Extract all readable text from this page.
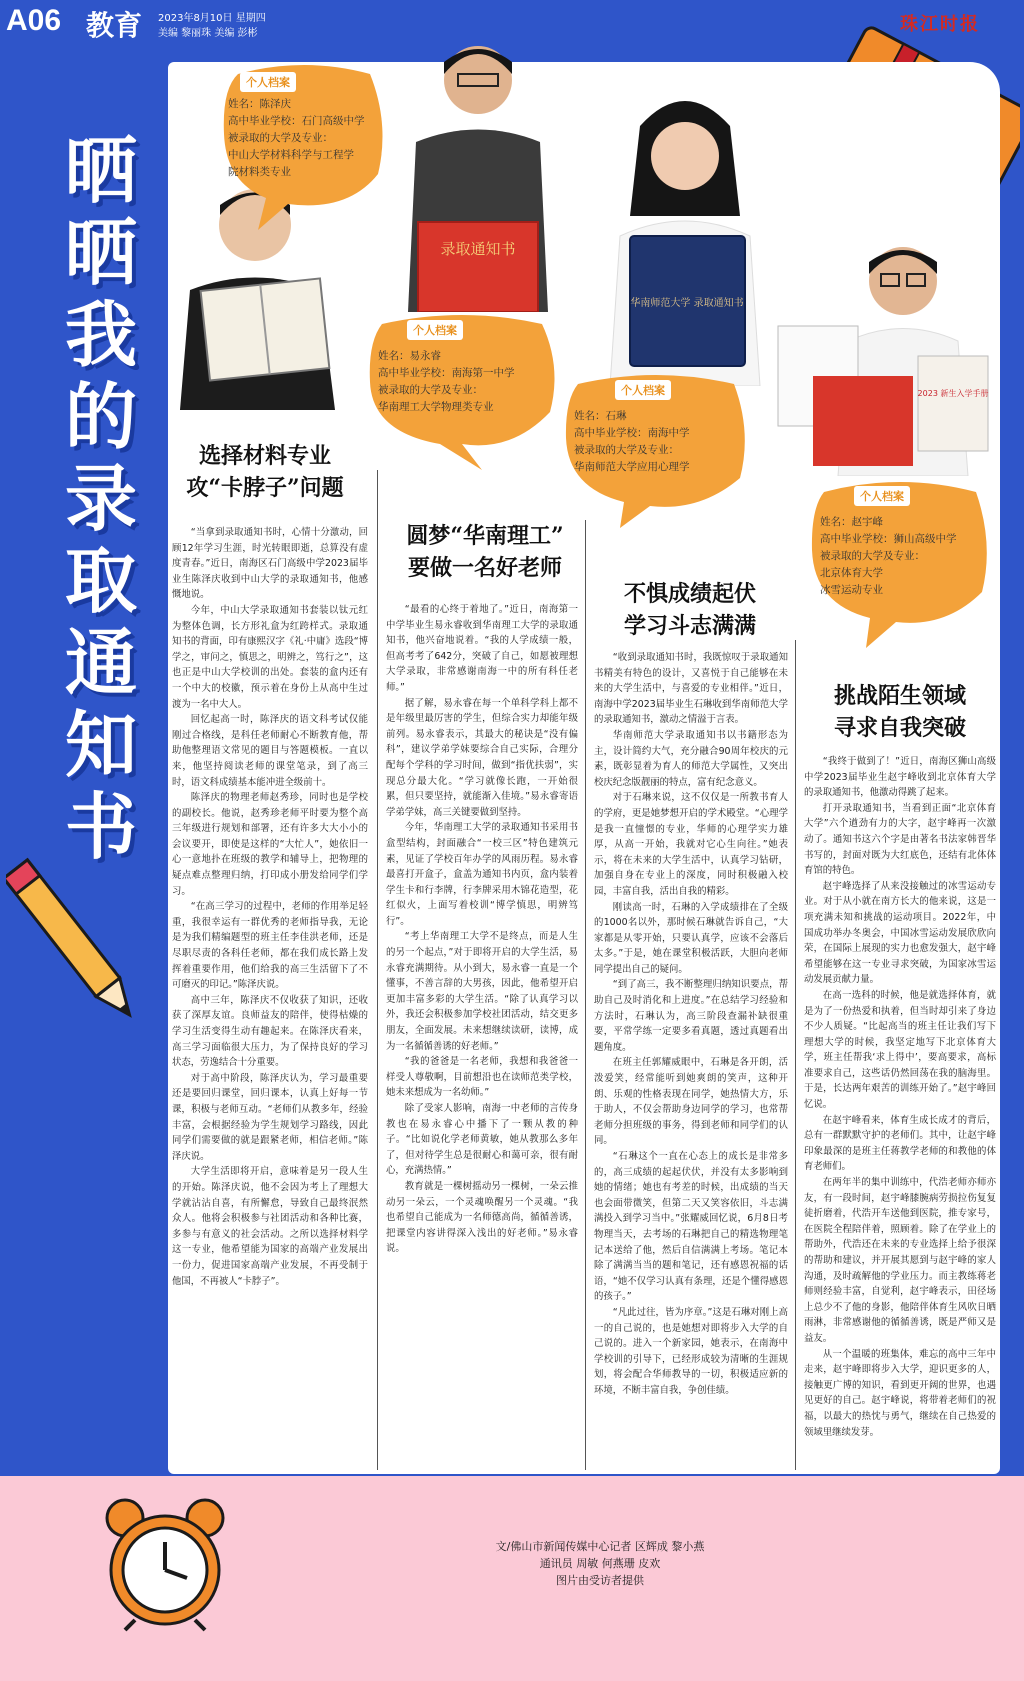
A06 教育 2023年8月10日 星期四
美编 黎丽珠 美编 彭彬	珠江时报
晒
晒
我
的
录
取
通
知
书
个人档案
姓名：陈泽庆
高中毕业学校：石门高级中学
被录取的大学及专业：
中山大学材料科学与工程学
院材料类专业
录取通知书
个人档案
姓名：易永睿
高中毕业学校：南海第一中学
被录取的大学及专业：
华南理工大学物理类专业
华南师范大学 录取通知书
个人档案
姓名：石琳
高中毕业学校：南海中学
被录取的大学及专业：
华南师范大学应用心理学
2023 新生入学手册
个人档案
姓名：赵宇峰
高中毕业学校：狮山高级中学
被录取的大学及专业：
北京体育大学
冰雪运动专业
选择材料专业
攻“卡脖子”问题
圆梦“华南理工”
要做一名好老师
不惧成绩起伏
学习斗志满满
挑战陌生领域
寻求自我突破

“当拿到录取通知书时，心情十分激动，回顾12年学习生涯，时光转眼即逝，总算没有虚度青春。”近日，南海区石门高级中学2023届毕业生陈泽庆收到中山大学的录取通知书，他感慨地说。

今年，中山大学录取通知书套装以钛元红为整体色调，长方形礼盒为红跨样式。录取通知书的背面，印有康熙汉字《礼·中庸》选段“博学之，审问之，慎思之，明辨之，笃行之”，这也正是中山大学校训的出处。套装的盒内还有一个中大的校徽，预示着在身份上从高中生过渡为一名中大人。

回忆起高一时，陈泽庆的语文科考试仅能刚过合格线，是科任老师耐心不断教育他，帮助他整理语文常见的题目与答题模板。一直以来，他坚持阅读老师的课堂笔录，到了高三时，语文科成绩基本能冲进全级前十。

陈泽庆的物理老师赵秀珍，同时也是学校的副校长。他说，赵秀珍老师平时要为整个高三年级进行规划和部署，还有许多大大小小的会议要开，即使是这样的“大忙人”，她依旧一心一意地扑在班级的教学和辅导上，把物理的疑点难点整理归纳，打印成小册发给同学们学习。

“在高三学习的过程中，老师的作用举足轻重，我很幸运有一群优秀的老师指导我，无论是为我们精编题型的班主任李佳洪老师，还是尽职尽责的各科任老师，都在我们成长路上发挥着重要作用，他们给我的高三生活留下了不可磨灭的印记。”陈泽庆说。

高中三年，陈泽庆不仅收获了知识，还收获了深厚友谊。良师益友的陪伴，使得枯燥的学习生活变得生动有趣起来。在陈泽庆看来，高三学习面临很大压力，为了保持良好的学习状态，劳逸结合十分重要。

对于高中阶段，陈泽庆认为，学习最重要还是要回归课堂，回归课本，认真上好每一节课，积极与老师互动。“老师们从教多年，经验丰富，会根据经验为学生规划学习路线，因此同学们需要做的就是跟紧老师，相信老师。”陈泽庆说。

大学生活即将开启，意味着是另一段人生的开始。陈泽庆说，他不会因为考上了理想大学就沾沾自喜，有所懈怠，导致自己最终泯然众人。他将会积极参与社团活动和各种比赛，多参与有意义的社会活动。之所以选择材料学这一专业，他希望能为国家的高端产业发展出一份力，促进国家高端产业发展，不再受制于他国，不再被人“卡脖子”。

“最看的心终于着地了。”近日，南海第一中学毕业生易永睿收到华南理工大学的录取通知书，他兴奋地说着。“我的人学成绩一般，但高考考了642分，突破了自己，如愿被理想大学录取，非常感谢南海一中的所有科任老师。”

据了解，易永睿在每一个单科学科上都不是年级里最厉害的学生，但综合实力却能年级前列。易永睿表示，其最大的秘诀是“没有偏科”，建议学弟学妹要综合自己实际，合理分配每个学科的学习时间，做到“指优扶弱”，实现总分最大化。“学习就像长跑，一开始很累，但只要坚持，就能渐入佳境。”易永睿寄语学弟学妹，高三关键要做到坚持。

今年，华南理工大学的录取通知书采用书盒型结构，封面融合“一校三区”特色建筑元素，见证了学校百年办学的风雨历程。易永睿最喜打开盒子，盒盖为通知书内页，盒内装着学生卡和行李牌，行李牌采用木锦花造型，花红似火，上面写着校训“博学慎思，明辨笃行”。

“考上华南理工大学不是终点，而是人生的另一个起点，”对于即将开启的大学生活，易永睿充满期待。从小到大，易永睿一直是一个懂事，不善言辞的大男孩，因此，他希望开启更加丰富多彩的大学生活。“除了认真学习以外，我还会积极参加学校社团活动，结交更多朋友，全面发展。未来想继续读研，读博，成为一名循循善诱的好老师。”

“我的爸爸是一名老师，我想和我爸爸一样受人尊敬啊，目前想沿也在读师范类学校，她未来想成为一名幼师。”

除了受家人影响，南海一中老师的言传身教也在易永睿心中播下了一颗从教的种子。“比如说化学老师黄敏，她从教那么多年了，但对待学生总是很耐心和蔼可亲，很有耐心，充满热情。”

教育就是一棵树摇动另一棵树，一朵云推动另一朵云，一个灵魂唤醒另一个灵魂。“我也希望自己能成为一名师德高尚，循循善诱，把课堂内容讲得深入浅出的好老师。”易永睿说。

“收到录取通知书时，我既惊叹于录取通知书精美有特色的设计，又喜悦于自己能够在未来的大学生活中，与喜爱的专业相伴。”近日，南海中学2023届毕业生石琳收到华南师范大学的录取通知书，激动之情溢于言表。

华南师范大学录取通知书以书籍形态为主，设计简约大气，充分融合90周年校庆的元素，既彰显着为育人的师范大学属性，又突出校庆纪念版靓丽的特点，富有纪念意义。

对于石琳来说，这不仅仅是一所教书育人的学府，更是她梦想开启的学术殿堂。“心理学是我一直憧憬的专业，华师的心理学实力雄厚，从高一开始，我就对它心生向往。”她表示，将在未来的大学生活中，认真学习钻研，加强自身在专业上的深度，同时积极融入校园，丰富自我，活出自我的精彩。

刚读高一时，石琳的入学成绩排在了全级的1000名以外，那时候石琳就告诉自己，“大家都是从零开始，只要认真学，应该不会落后太多。”于是，她在课堂积极活跃，大胆向老师同学提出自己的疑问。

“到了高三，我不断整理归纳知识要点，帮助自己及时消化和上进度。”在总结学习经验和方法时，石琳认为，高三阶段查漏补缺很重要，平常学练一定要多看真题，透过真题看出题角度。

在班主任郭耀威眼中，石琳是各开朗，活泼爱笑，经常能听到她爽朗的笑声，这种开朗、乐观的性格表现在同学，她热情大方，乐于助人，不仅会帮助身边同学的学习，也常帮老师分担班级的事务，得到老师和同学们的认同。

“石琳这个一直在心态上的成长是非常多的，高三成绩的起起伏伏，并没有太多影响到她的情绪；她也有考差的时候，出成绩的当天也会面带微笑，但第二天又笑容依旧，斗志满满投入到学习当中。”张耀威回忆说，6月8日考物理当天，去考场的石琳把自己的精选物理笔记本送给了他，然后自信满满上考场。笔记本除了满满当当的题和笔记，还有感恩祝福的话语，“她不仅学习认真有条理，还是个懂得感恩的孩子。”

“凡此过往，皆为序章。”这是石琳对刚上高一的自己说的，也是她想对即将步入大学的自己说的。进入一个新家园，她表示，在南海中学校训的引导下，已经形成较为清晰的生涯规划，将会配合华师教导的一切，积极适应新的环境，不断丰富自我，争创佳绩。

“我终于做到了！”近日，南海区狮山高级中学2023届毕业生赵宇峰收到北京体育大学的录取通知书，他激动得跳了起来。

打开录取通知书，当看到正面“北京体育大学”六个遒劲有力的大字，赵宇峰再一次激动了。通知书这六个字是由著名书法家韩晋华书写的，封面对既为大红底色，还结有北体体育馆的特色。

赵宇峰选择了从来没接触过的冰雪运动专业。对于从小就在南方长大的他来说，这是一项充满未知和挑战的运动项目。2022年，中国成功举办冬奥会，中国冰雪运动发展欣欣向荣，在国际上展现的实力也愈发强大，赵宇峰希望能够在这一专业寻求突破，为国家冰雪运动发展贡献力量。

在高一选科的时候，他是就选择体育，就是为了一份热爱和执着，但当时却引来了身边不少人质疑。“比起高当的班主任让我们写下理想大学的时候，我坚定地写下北京体育大学，班主任帮我‘求上得中’，要高要求，高标准要求自己，这些话仍然回荡在我的脑海里。于是，长达两年艰苦的训练开始了。”赵宇峰回忆说。

在赵宇峰看来，体育生成长成才的背后，总有一群默默守护的老师们。其中，让赵宇峰印象最深的是班主任蒋教学老师的和教他的体育老师们。

在两年半的集中训练中，代浩老师亦师亦友，有一段时间，赵宇峰膝腕病劳损拉伤复复徒折磨着，代浩开车送他到医院，推专家号，在医院全程陪伴着，照顾着。除了在学业上的帮助外，代浩还在未来的专业选择上给予很深的帮助和建议，并开展其愿到与赵宇峰的家人沟通，及时疏解他的学业压力。而主教练蒋老师则经验丰富，自觉利，赵宇峰表示，田径场上总少不了他的身影，他陪伴体育生风吹日晒雨淋，非常感谢他的循循善诱，既是严师又是益友。

从一个温暖的班集体，难忘的高中三年中走来，赵宇峰即将步入大学，迎识更多的人，接触更广博的知识，看到更开阔的世界，也遇见更好的自己。赵宇峰说，将带着老师们的祝福，以最大的热忱与勇气，继续在自己热爱的领域里继续发芽。

文/佛山市新闻传媒中心记者 区辉成 黎小燕
通讯员 周敏 何燕珊 皮欢
图片由受访者提供
